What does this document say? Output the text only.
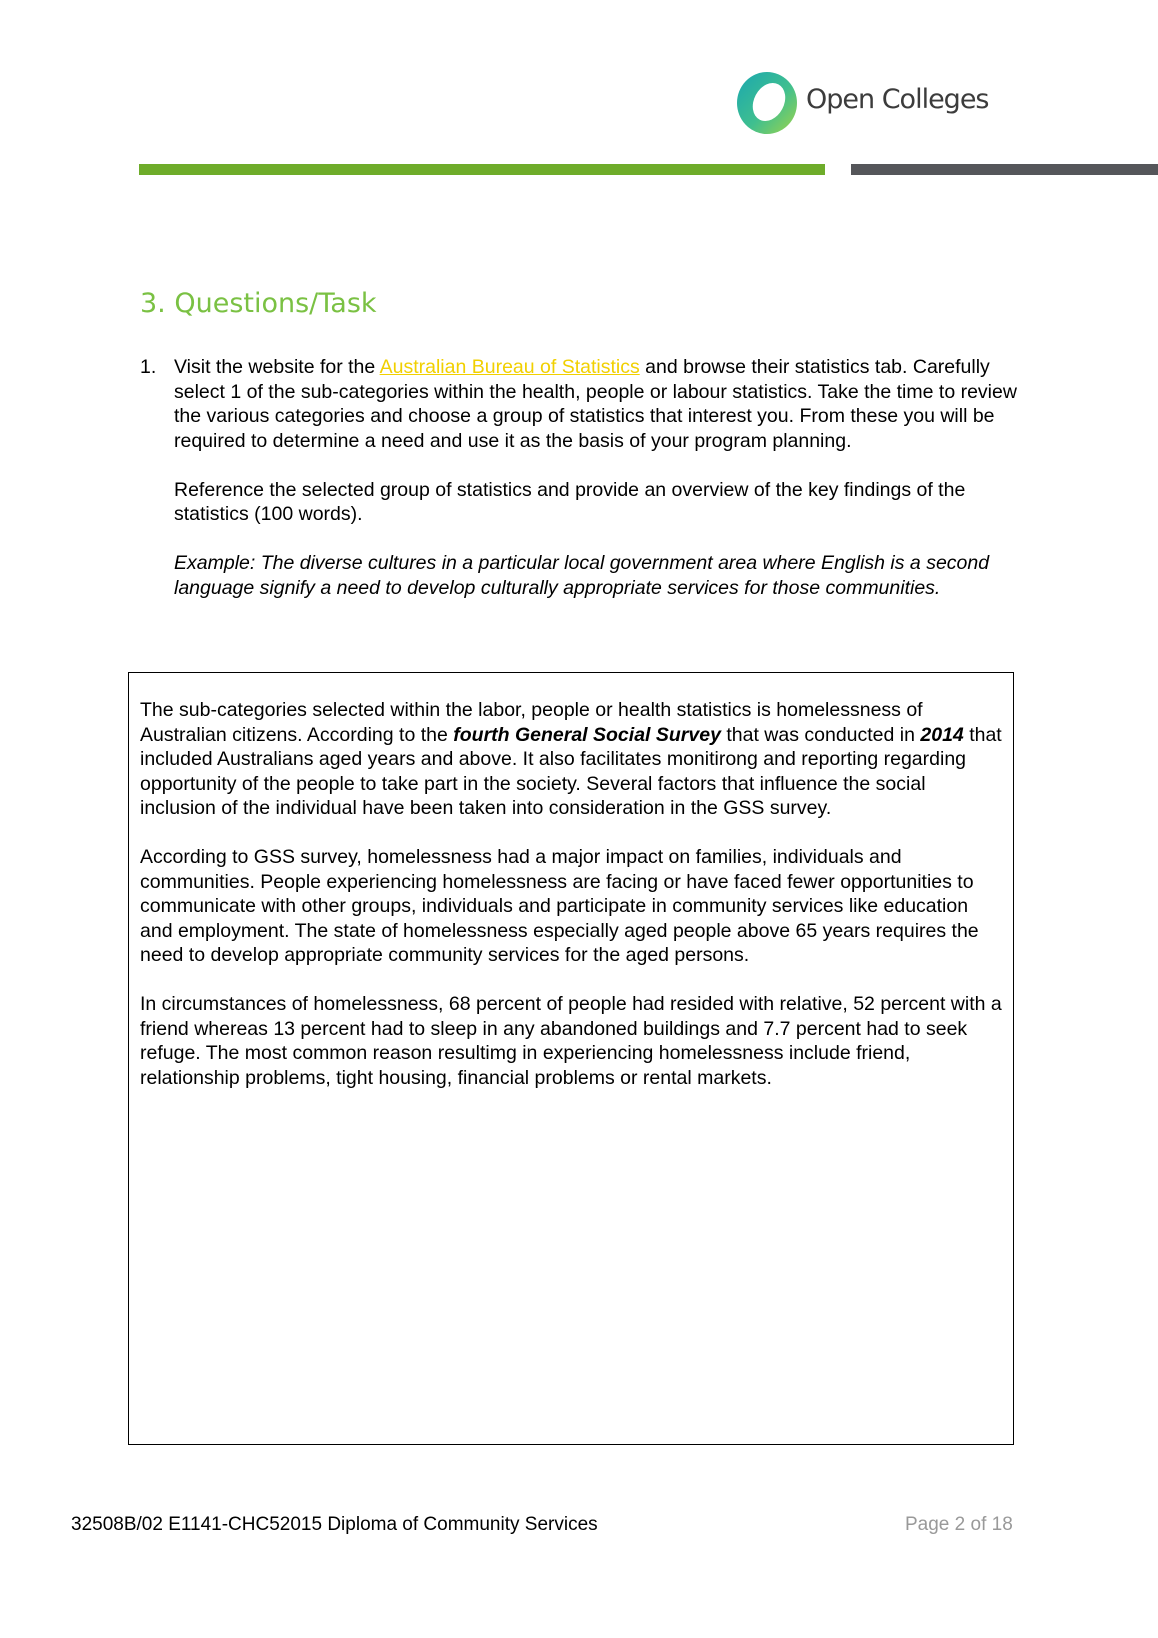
Open Colleges
3. Questions/Task
1. Visit the website for the Australian Bureau of Statistics and browse their statistics tab. Carefully select 1 of the sub-categories within the health, people or labour statistics. Take the time to review the various categories and choose a group of statistics that interest you. From these you will be required to determine a need and use it as the basis of your program planning.

Reference the selected group of statistics and provide an overview of the key findings of the statistics (100 words).

Example: The diverse cultures in a particular local government area where English is a second language signify a need to develop culturally appropriate services for those communities.

The sub-categories selected within the labor, people or health statistics is homelessness of Australian citizens. According to the fourth General Social Survey that was conducted in 2014 that included Australians aged years and above. It also facilitates monitirong and reporting regarding opportunity of the people to take part in the society. Several factors that influence the social inclusion of the individual have been taken into consideration in the GSS survey.

According to GSS survey, homelessness had a major impact on families, individuals and communities. People experiencing homelessness are facing or have faced fewer opportunities to communicate with other groups, individuals and participate in community services like education and employment. The state of homelessness especially aged people above 65 years requires the need to develop appropriate community services for the aged persons.

In circumstances of homelessness, 68 percent of people had resided with relative, 52 percent with a friend whereas 13 percent had to sleep in any abandoned buildings and 7.7 percent had to seek refuge. The most common reason resultimg in experiencing homelessness include friend, relationship problems, tight housing, financial problems or rental markets.

32508B/02 E1141-CHC52015 Diploma of Community Services	Page 2 of 18
